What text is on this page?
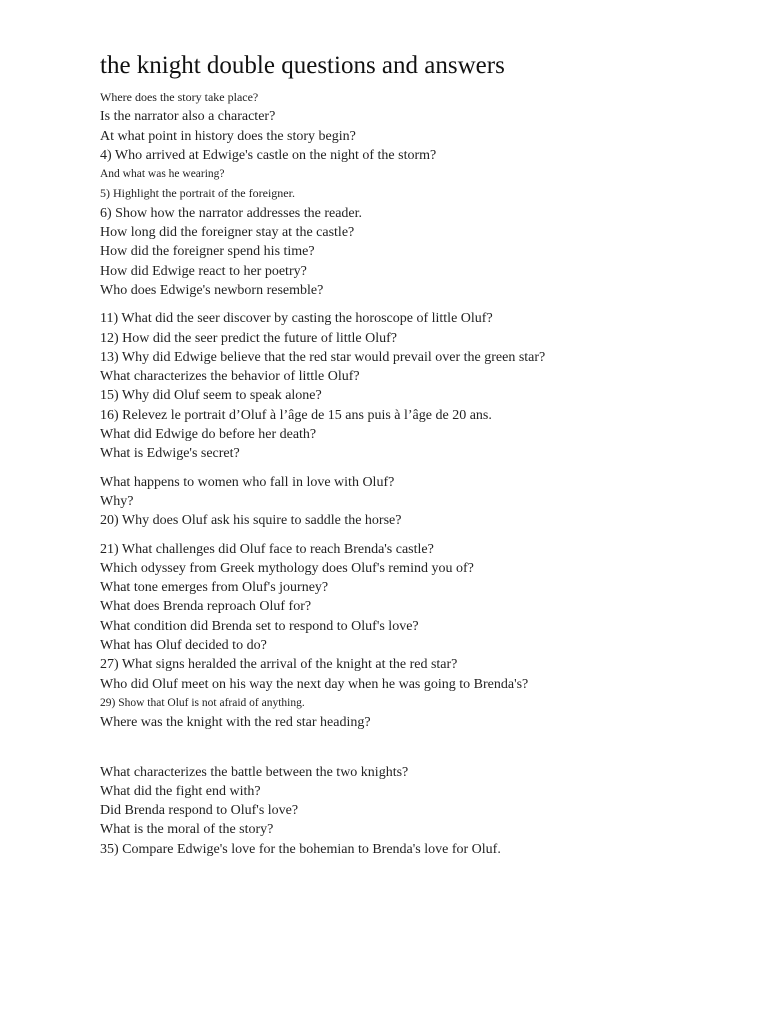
the knight double questions and answers
Where does the story take place?
Is the narrator also a character?
At what point in history does the story begin?
4) Who arrived at Edwige's castle on the night of the storm?
And what was he wearing?
5) Highlight the portrait of the foreigner.
6) Show how the narrator addresses the reader.
How long did the foreigner stay at the castle?
How did the foreigner spend his time?
How did Edwige react to her poetry?
Who does Edwige's newborn resemble?
11) What did the seer discover by casting the horoscope of little Oluf?
12) How did the seer predict the future of little Oluf?
13) Why did Edwige believe that the red star would prevail over the green star?
What characterizes the behavior of little Oluf?
15) Why did Oluf seem to speak alone?
16) Relevez le portrait d’Oluf à l’âge de 15 ans puis à l’âge de 20 ans.
What did Edwige do before her death?
What is Edwige's secret?
What happens to women who fall in love with Oluf?
Why?
20) Why does Oluf ask his squire to saddle the horse?
21) What challenges did Oluf face to reach Brenda's castle?
Which odyssey from Greek mythology does Oluf's remind you of?
What tone emerges from Oluf's journey?
What does Brenda reproach Oluf for?
What condition did Brenda set to respond to Oluf's love?
What has Oluf decided to do?
27) What signs heralded the arrival of the knight at the red star?
Who did Oluf meet on his way the next day when he was going to Brenda's?
29) Show that Oluf is not afraid of anything.
Where was the knight with the red star heading?
What characterizes the battle between the two knights?
What did the fight end with?
Did Brenda respond to Oluf's love?
What is the moral of the story?
35) Compare Edwige's love for the bohemian to Brenda's love for Oluf.
